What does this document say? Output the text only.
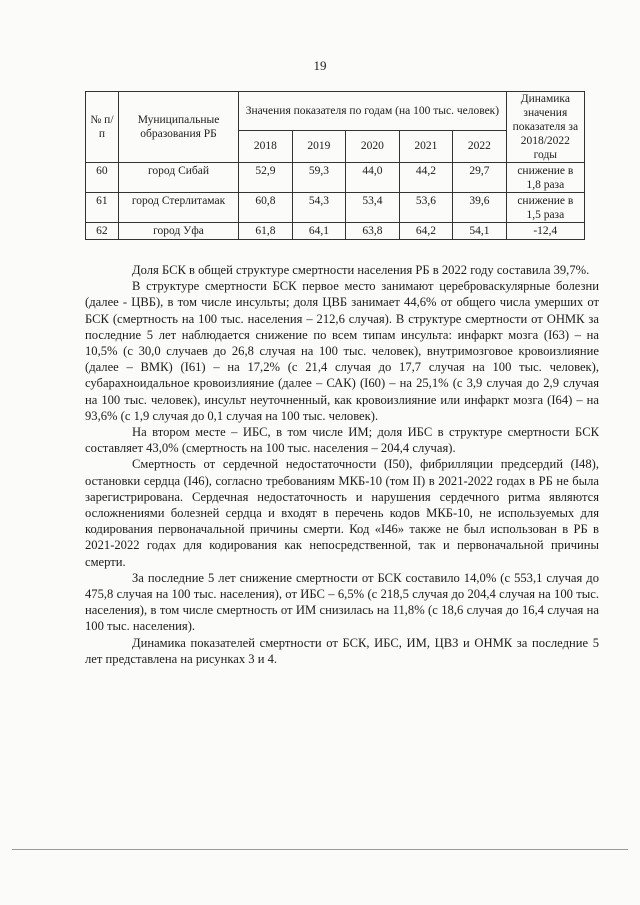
19
№ п/п	Муниципальные образования РБ	Значения показателя по годам (на 100 тыс. человек)					Динамика значения показателя за 2018/2022 годы
		2018	2019	2020	2021	2022	
60	город Сибай	52,9	59,3	44,0	44,2	29,7	снижение в 1,8 раза
61	город Стерлитамак	60,8	54,3	53,4	53,6	39,6	снижение в 1,5 раза
62	город Уфа	61,8	64,1	63,8	64,2	54,1	-12,4

Доля БСК в общей структуре смертности населения РБ в 2022 году составила 39,7%.

В структуре смертности БСК первое место занимают цереброваскулярные болезни (далее - ЦВБ), в том числе инсульты; доля ЦВБ занимает 44,6% от общего числа умерших от БСК (смертность на 100 тыс. населения – 212,6 случая). В структуре смертности от ОНМК за последние 5 лет наблюдается снижение по всем типам инсульта: инфаркт мозга (I63) – на 10,5% (с 30,0 случаев до 26,8 случая на 100 тыс. человек), внутримозговое кровоизлияние (далее – ВМК) (I61) – на 17,2% (с 21,4 случая до 17,7 случая на 100 тыс. человек), субарахноидальное кровоизлияние (далее – САК) (I60) – на 25,1% (с 3,9 случая до 2,9 случая на 100 тыс. человек), инсульт неуточненный, как кровоизлияние или инфаркт мозга (I64) – на 93,6% (с 1,9 случая до 0,1 случая на 100 тыс. человек).

На втором месте – ИБС, в том числе ИМ; доля ИБС в структуре смертности БСК составляет 43,0% (смертность на 100 тыс. населения – 204,4 случая).

Смертность от сердечной недостаточности (I50), фибрилляции предсердий (I48), остановки сердца (I46), согласно требованиям МКБ-10 (том II) в 2021-2022 годах в РБ не была зарегистрирована. Сердечная недостаточность и нарушения сердечного ритма являются осложнениями болезней сердца и входят в перечень кодов МКБ-10, не используемых для кодирования первоначальной причины смерти. Код «I46» также не был использован в РБ в 2021-2022 годах для кодирования как непосредственной, так и первоначальной причины смерти.

За последние 5 лет снижение смертности от БСК составило 14,0% (с 553,1 случая до 475,8 случая на 100 тыс. населения), от ИБС – 6,5% (с 218,5 случая до 204,4 случая на 100 тыс. населения), в том числе смертность от ИМ снизилась на 11,8% (с 18,6 случая до 16,4 случая на 100 тыс. населения).

Динамика показателей смертности от БСК, ИБС, ИМ, ЦВЗ и ОНМК за последние 5 лет представлена на рисунках 3 и 4.
